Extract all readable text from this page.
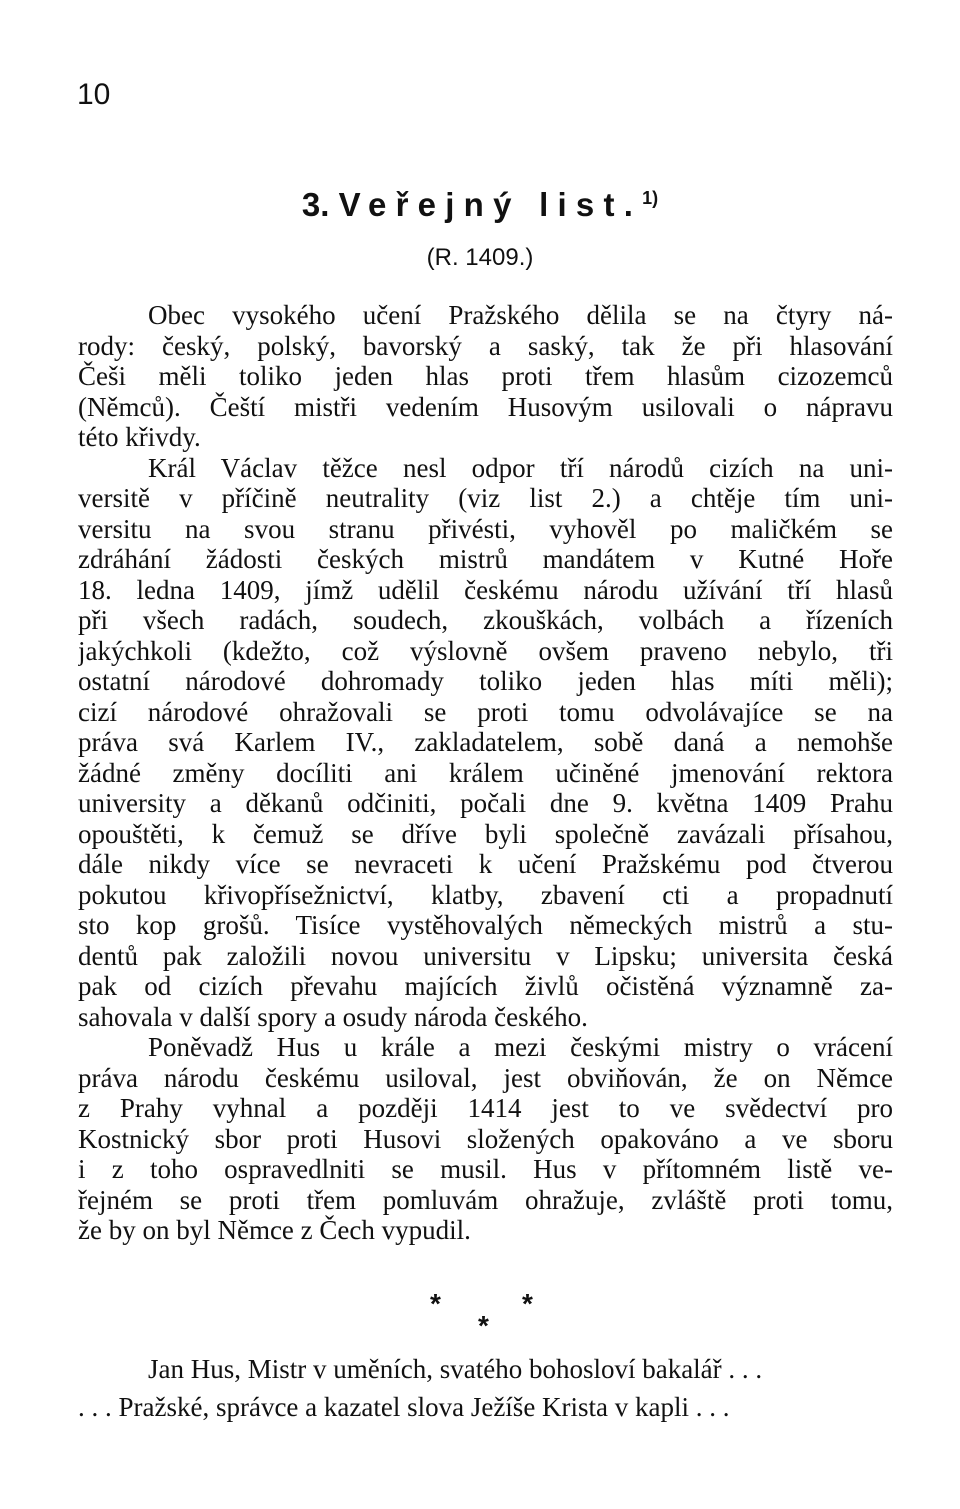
10
3. Veřejný list.$^{1)}$
(R. 1409.)
Obec vysokého učení Pražského dělila se na čtyry ná-
rody: český, polský, bavorský a saský, tak že při hlasování
Češi měli toliko jeden hlas proti třem hlasům cizozemců
(Němců). Čeští mistři vedením Husovým usilovali o nápravu
této křivdy.
Král Václav těžce nesl odpor tří národů cizích na uni-
versitě v příčině neutrality (viz list 2.) a chtěje tím uni-
versitu na svou stranu přivésti, vyhověl po maličkém se
zdráhání žádosti českých mistrů mandátem v Kutné Hoře
18. ledna 1409, jímž udělil českému národu užívání tří hlasů
při všech radách, soudech, zkouškách, volbách a řízeních
jakýchkoli (kdežto, což výslovně ovšem praveno nebylo, tři
ostatní národové dohromady toliko jeden hlas míti měli);
cizí národové ohražovali se proti tomu odvolávajíce se na
práva svá Karlem IV., zakladatelem, sobě daná a nemohše
žádné změny docíliti ani králem učiněné jmenování rektora
university a děkanů odčiniti, počali dne 9. května 1409 Prahu
opouštěti, k čemuž se dříve byli společně zavázali přísahou,
dále nikdy více se nevraceti k učení Pražskému pod čtverou
pokutou křivopřísežnictví, klatby, zbavení cti a propadnutí
sto kop grošů. Tisíce vystěhovalých německých mistrů a stu-
dentů pak založili novou universitu v Lipsku; universita česká
pak od cizích převahu majících živlů očistěná významně za-
sahovala v další spory a osudy národa českého.
Poněvadž Hus u krále a mezi českými mistry o vrácení
práva národu českému usiloval, jest obviňován, že on Němce
z Prahy vyhnal a později 1414 jest to ve svědectví pro
Kostnický sbor proti Husovi složených opakováno a ve sboru
i z toho ospravedlniti se musil. Hus v přítomném listě ve-
řejném se proti třem pomluvám ohražuje, zvláště proti tomu,
že by on byl Němce z Čech vypudil.
*
*
*
Jan Hus, Mistr v uměních, svatého bohosloví bakalář . . .
. . . Pražské, správce a kazatel slova Ježíše Krista v kapli . . .
